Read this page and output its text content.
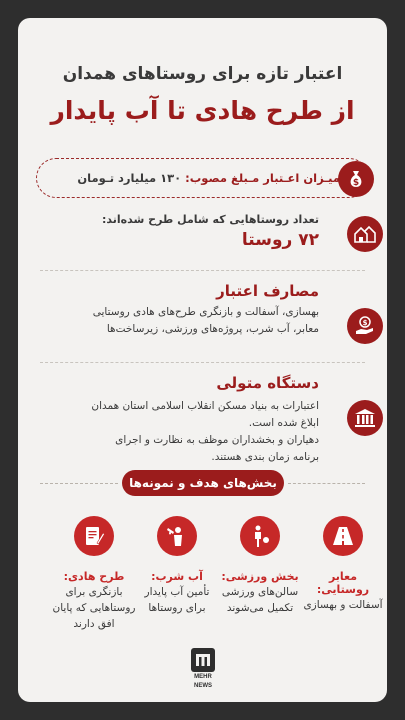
اعتبار تازه برای روستاهای همدان
از طرح هادی تا آب پایدار
$
میـزان اعـتبار مـبلغ مصوب: ۱۳۰ میلیارد تـومان
تعداد روستاهایی که شامل طرح شده‌اند:
۷۲ روستا
مصارف اعتبار
بهسازی، آسفالت و بازنگری طرح‌های هادی روستایی معابر، آب شرب، پروژه‌های ورزشی، زیرساخت‌ها	$
دستگاه متولی
اعتبارات به بنیاد مسکن انقلاب اسلامی استان همدان ابلاغ شده است.
دهیاران و بخشداران موظف به نظارت و اجرای برنامه زمان بندی هستند.
بخش‌های هدف و نمونه‌ها
معابر روستایی:
آسفالت و بهسازی
بخش ورزشی:
سالن‌های ورزشی تکمیل می‌شوند
آب شرب:
تأمین آب پایدار برای روستاها
طرح هادی:
بازنگری برای روستاهایی که پایان افق دارند
MEHR
NEWS
